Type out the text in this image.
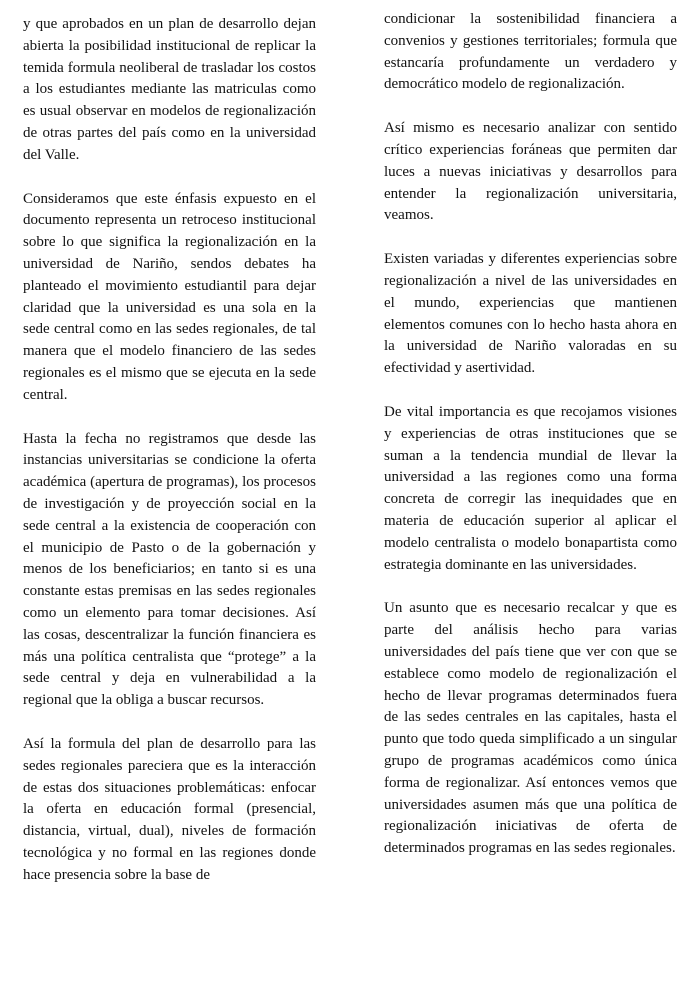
y que aprobados en un plan de desarrollo dejan abierta la posibilidad institucional de replicar la temida formula neoliberal de trasladar los costos a los estudiantes mediante las matriculas como es usual observar en modelos de regionalización de otras partes del país como en la universidad del Valle.

Consideramos que este énfasis expuesto en el documento representa un retroceso institucional sobre lo que significa la regionalización en la universidad de Nariño, sendos debates ha planteado el movimiento estudiantil para dejar claridad que la universidad es una sola en la sede central como en las sedes regionales, de tal manera que el modelo financiero de las sedes regionales es el mismo que se ejecuta en la sede central.

Hasta la fecha no registramos que desde las instancias universitarias se condicione la oferta académica (apertura de programas), los procesos de investigación y de proyección social en la sede central a la existencia de cooperación con el municipio de Pasto o de la gobernación y menos de los beneficiarios; en tanto si es una constante estas premisas en las sedes regionales como un elemento para tomar decisiones. Así las cosas, descentralizar la función financiera es más una política centralista que “protege” a la sede central y deja en vulnerabilidad a la regional que la obliga a buscar recursos.

Así la formula del plan de desarrollo para las sedes regionales pareciera que es la interacción de estas dos situaciones problemáticas: enfocar la oferta en educación formal (presencial, distancia, virtual, dual), niveles de formación tecnológica y no formal en las regiones donde hace presencia sobre la base de

condicionar la sostenibilidad financiera a convenios y gestiones territoriales; formula que estancaría profundamente un verdadero y democrático modelo de regionalización.

Así mismo es necesario analizar con sentido crítico experiencias foráneas que permiten dar luces a nuevas iniciativas y desarrollos para entender la regionalización universitaria, veamos.

Existen variadas y diferentes experiencias sobre regionalización a nivel de las universidades en el mundo, experiencias que mantienen elementos comunes con lo hecho hasta ahora en la universidad de Nariño valoradas en su efectividad y asertividad.

De vital importancia es que recojamos visiones y experiencias de otras instituciones que se suman a la tendencia mundial de llevar la universidad a las regiones como una forma concreta de corregir las inequidades que en materia de educación superior al aplicar el modelo centralista o modelo bonapartista como estrategia dominante en las universidades.

Un asunto que es necesario recalcar y que es parte del análisis hecho para varias universidades del país tiene que ver con que se establece como modelo de regionalización el hecho de llevar programas determinados fuera de las sedes centrales en las capitales, hasta el punto que todo queda simplificado a un singular grupo de programas académicos como única forma de regionalizar. Así entonces vemos que universidades asumen más que una política de regionalización iniciativas de oferta de determinados programas en las sedes regionales.
